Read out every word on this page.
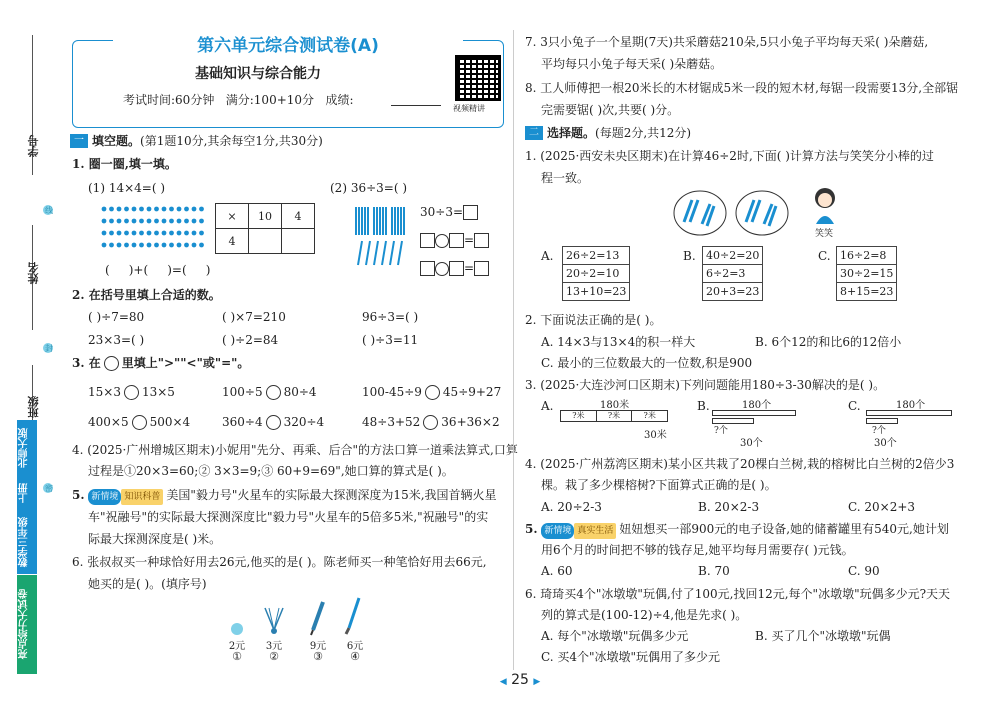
学号
线
姓名
封
班级
密
亮点给力大试卷
数学三年级
上册
北师大版
第六单元综合测试卷(A)
基础知识与综合能力
考试时间:60分钟   满分:100+10分   成绩:
视频精讲
一 填空题。 (第1题10分,其余每空1分,共30分)
1. 圈一圈,填一填。
(1) 14×4=( )
×	10	4
4		
(     )+(     )=(     )
(2) 36÷3=( )
30÷3=
=
=
2. 在括号里填上合适的数。
( )÷7=80	( )×7=210	96÷3=( )
23×3=( )	( )÷2=84	( )÷3=11
3. 在 里填上">""<"或"="。
15×3 13×5	100÷5 80÷4	100-45÷9 45÷9+27
400×5 500×4	360÷4 320÷4	48÷3+52 36+36×2
4. (2025·广州增城区期末)小妮用"先分、再乘、后合"的方法口算一道乘法算式,口算
过程是①20×3=60;② 3×3=9;③ 60+9=69",她口算的算式是( )。
5. 新情境 知识科普 美国"毅力号"火星车的实际最大探测深度为15米,我国首辆火星
车"祝融号"的实际最大探测深度比"毅力号"火星车的5倍多5米,"祝融号"的实
际最大探测深度是( )米。
6. 张叔叔买一种球恰好用去26元,他买的是( )。陈老师买一种笔恰好用去66元,
她买的是( )。(填序号)
2元
①
3元
②
9元
③
6元
④
7. 3只小兔子一个星期(7天)共采蘑菇210朵,5只小兔子平均每天采( )朵蘑菇,
平均每只小兔子每天采( )朵蘑菇。
8. 工人师傅把一根20米长的木材锯成5米一段的短木材,每锯一段需要13分,全部锯
完需要锯( )次,共要( )分。
二 选择题。 (每题2分,共12分)
1. (2025·西安未央区期末)在计算46÷2时,下面( )计算方法与笑笑分小棒的过
程一致。
笑笑
A. 26÷2=13
20÷2=10
13+10=23
B. 40÷2=20
6÷2=3
20+3=23
C. 16÷2=8
30÷2=15
8+15=23
2. 下面说法正确的是( )。
A. 14×3与13×4的积一样大	B. 6个12的和比6的12倍小
C. 最小的三位数最大的一位数,积是900
3. (2025·大连沙河口区期末)下列问题能用180÷3-30解决的是( )。
A.	180米
?米	?米	?米
30米
B.	180个
?个
30个
C.	180个
?个
30个
4. (2025·广州荔湾区期末)某小区共栽了20棵白兰树,栽的榕树比白兰树的2倍少3
棵。栽了多少棵榕树?下面算式正确的是( )。
A. 20÷2-3	B. 20×2-3	C. 20×2+3
5. 新情境 真实生活 妞妞想买一部900元的电子设备,她的储蓄罐里有540元,她计划
用6个月的时间把不够的钱存足,她平均每月需要存( )元钱。
A. 60	B. 70	C. 90
6. 琦琦买4个"冰墩墩"玩偶,付了100元,找回12元,每个"冰墩墩"玩偶多少元?天天
列的算式是(100-12)÷4,他是先求( )。
A. 每个"冰墩墩"玩偶多少元	B. 买了几个"冰墩墩"玩偶
C. 买4个"冰墩墩"玩偶用了多少元
◀ 25 ▶
